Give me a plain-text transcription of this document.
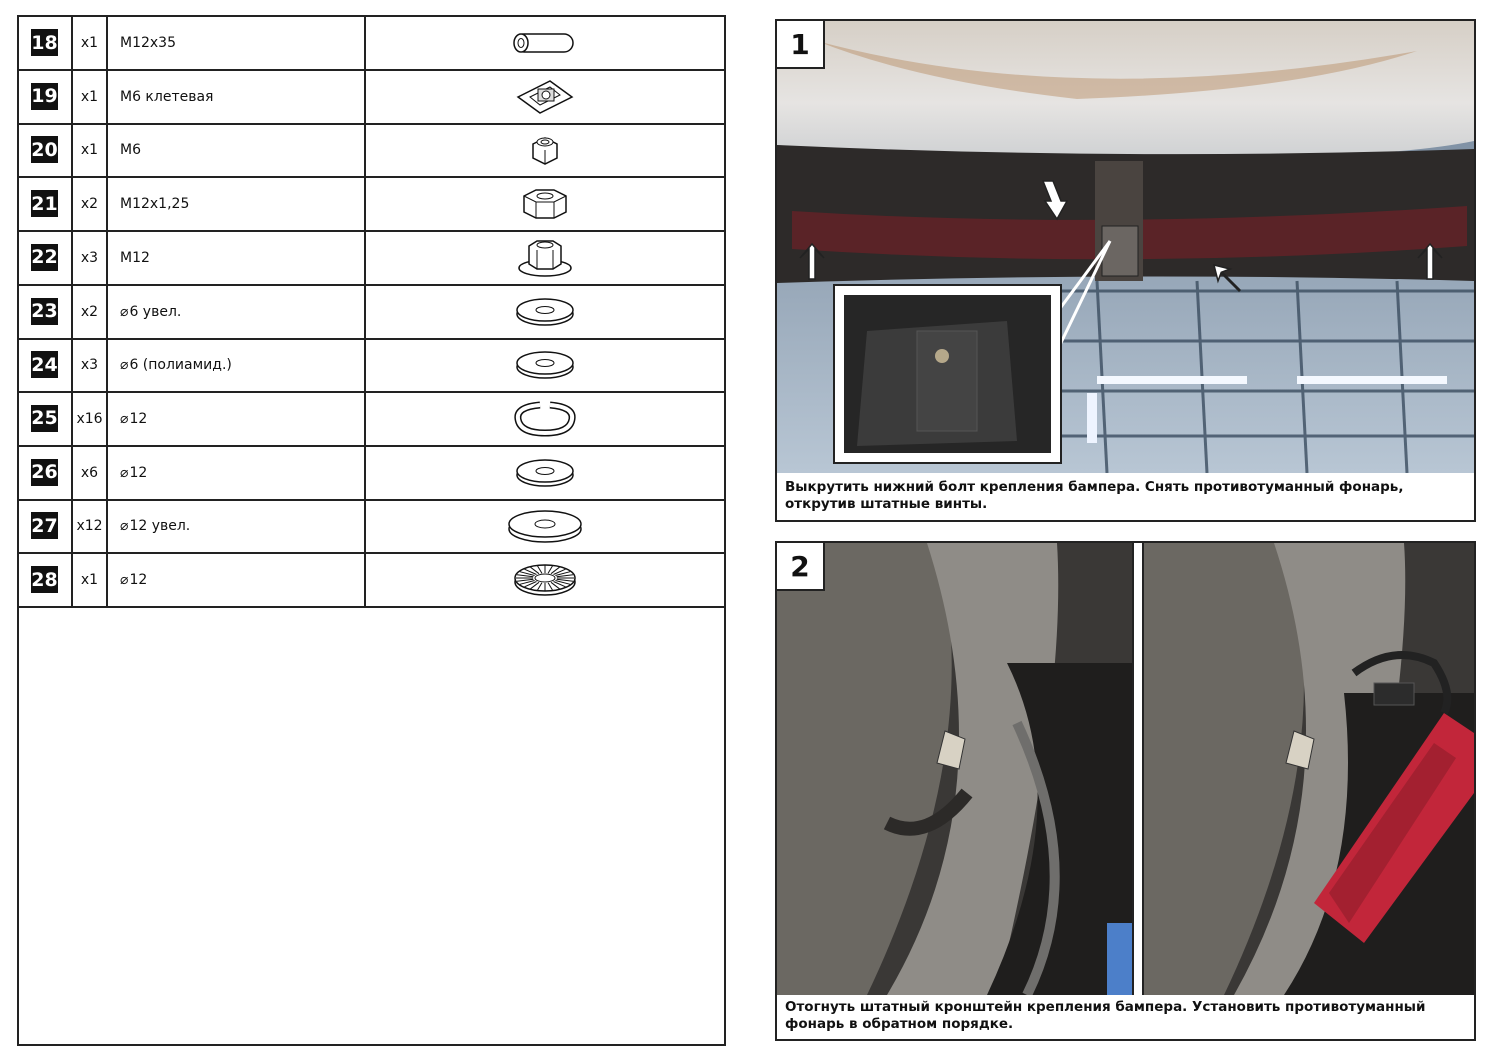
18	x1	M12x35
19	x1	М6 клетевая
20	x1	М6
21	x2	М12х1,25
22	x3	М12
23	x2	⌀ 6 увел.
24	x3	⌀ 6 (полиамид.)
25 x16	⌀ 12
26	x6	⌀ 12
27 x12	⌀ 12 увел.
28	x1	⌀ 12
1
Выкрутить нижний болт крепления бампера. Снять противотуманный фонарь, открутив штатные винты.
2
Отогнуть штатный кронштейн крепления бампера. Установить противотуманный фонарь в обратном порядке.
